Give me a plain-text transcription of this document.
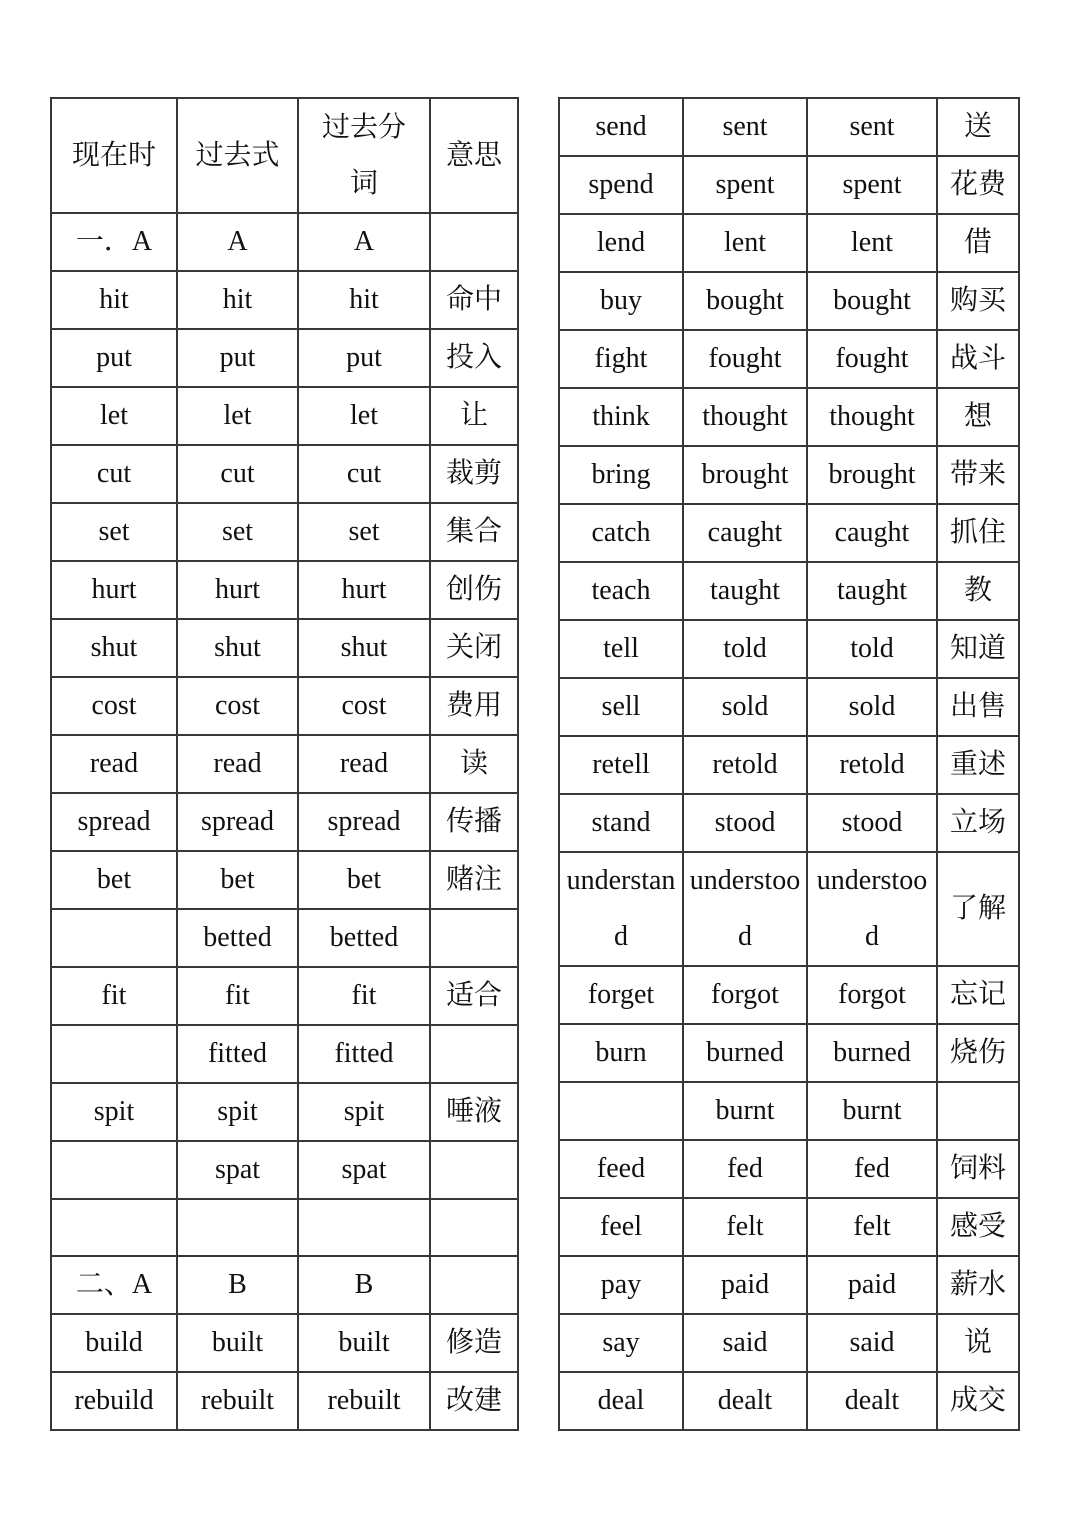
现在时	过去式	过去分词	意思
一．A	A	A	
hit	hit	hit	命中
put	put	put	投入
let	let	let	让
cut	cut	cut	裁剪
set	set	set	集合
hurt	hurt	hurt	创伤
shut	shut	shut	关闭
cost	cost	cost	费用
read	read	read	读
spread	spread	spread	传播
bet	bet	bet	赌注
	betted	betted	
fit	fit	fit	适合
	fitted	fitted	
spit	spit	spit	唾液
	spat	spat	

二、A	B	B	
build	built	built	修造
rebuild	rebuilt	rebuilt	改建
send	sent	sent	送
spend	spent	spent	花费
lend	lent	lent	借
buy	bought	bought	购买
fight	fought	fought	战斗
think	thought	thought	想
bring	brought	brought	带来
catch	caught	caught	抓住
teach	taught	taught	教
tell	told	told	知道
sell	sold	sold	出售
retell	retold	retold	重述
stand	stood	stood	立场
understand	understood	understood	了解
forget	forgot	forgot	忘记
burn	burned	burned	烧伤
	burnt	burnt	
feed	fed	fed	饲料
feel	felt	felt	感受
pay	paid	paid	薪水
say	said	said	说
deal	dealt	dealt	成交
